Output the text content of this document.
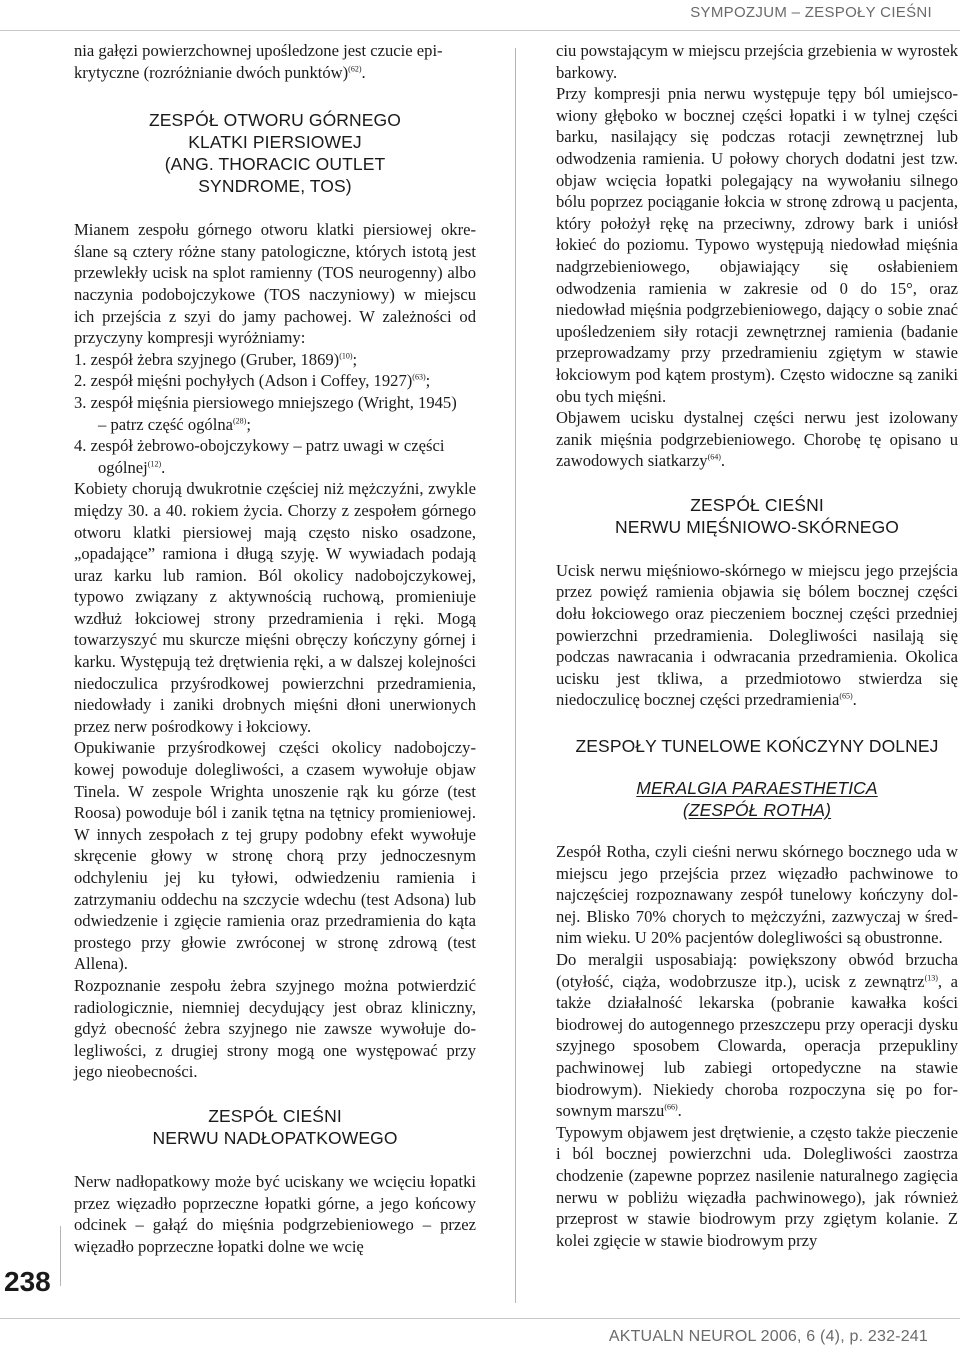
SYMPOZJUM – ZESPOŁY CIEŚNI

nia gałęzi powierzchownej upośledzone jest czucie epi-
krytyczne (rozróżnianie dwóch punktów)$^{(62)}$.

ZESPÓŁ OTWORU GÓRNEGO
KLATKI PIERSIOWEJ
(ANG. THORACIC OUTLET
SYNDROME, TOS)

Mianem zespołu górnego otworu klatki piersiowej określane są cztery różne stany patologiczne, których istotą jest przewlekły ucisk na splot ramienny (TOS neurogenny) albo naczynia podobojczykowe (TOS naczyniowy) w miejscu ich przejścia z szyi do jamy pachowej. W zależności od przyczyny kompresji wyróżniamy:

1. zespół żebra szyjnego (Gruber, 1869)$^{(10)}$;

2. zespół mięśni pochyłych (Adson i Coffey, 1927)$^{(63)}$;

3. zespół mięśnia piersiowego mniejszego (Wright, 1945)

– patrz część ogólna$^{(28)}$;

4. zespół żebrowo-obojczykowy – patrz uwagi w części

ogólnej$^{(12)}$.

Kobiety chorują dwukrotnie częściej niż mężczyźni, zwykle między 30. a 40. rokiem życia. Chorzy z zespołem górnego otworu klatki piersiowej mają często nisko osadzone, „opadające” ramiona i długą szyję. W wywiadach podają uraz karku lub ramion. Ból okolicy nadobojczykowej, typowo związany z aktywnością ruchową, promieniuje wzdłuż łokciowej strony przedramienia i ręki. Mogą towarzyszyć mu skurcze mięśni obręczy kończyny górnej i karku. Występują też drętwienia ręki, a w dalszej kolejności niedoczulica przyśrodkowej powierzchni przedramienia, niedowłady i zaniki drobnych mięśni dłoni unerwionych przez nerw pośrodkowy i łokciowy.

Opukiwanie przyśrodkowej części okolicy nadobojczykowej powoduje dolegliwości, a czasem wywołuje objaw Tinela. W zespole Wrighta unoszenie rąk ku górze (test Roosa) powoduje ból i zanik tętna na tętnicy promieniowej. W innych zespołach z tej grupy podobny efekt wywołuje skręcenie głowy w stronę chorą przy jednoczesnym odchyleniu jej ku tyłowi, odwiedzeniu ramienia i zatrzymaniu oddechu na szczycie wdechu (test Adsona) lub odwiedzenie i zgięcie ramienia oraz przedramienia do kąta prostego przy głowie zwróconej w stronę zdrową (test Allena).

Rozpoznanie zespołu żebra szyjnego można potwierdzić radiologicznie, niemniej decydujący jest obraz kliniczny, gdyż obecność żebra szyjnego nie zawsze wywołuje dolegliwości, z drugiej strony mogą one występować przy jego nieobecności.

ZESPÓŁ CIEŚNI
NERWU NADŁOPATKOWEGO

Nerw nadłopatkowy może być uciskany we wcięciu łopatki przez więzadło poprzeczne łopatki górne, a jego końcowy odcinek – gałąź do mięśnia podgrzebieniowego – przez więzadło poprzeczne łopatki dolne we wcię

ciu powstającym w miejscu przejścia grzebienia w wyrostek barkowy.

Przy kompresji pnia nerwu występuje tępy ból umiejscowiony głęboko w bocznej części łopatki i w tylnej części barku, nasilający się podczas rotacji zewnętrznej lub odwodzenia ramienia. U połowy chorych dodatni jest tzw. objaw wcięcia łopatki polegający na wywołaniu silnego bólu poprzez pociąganie łokcia w stronę zdrową u pacjenta, który położył rękę na przeciwny, zdrowy bark i uniósł łokieć do poziomu. Typowo występują niedowład mięśnia nadgrzebieniowego, objawiający się osłabieniem odwodzenia ramienia w zakresie od 0 do 15°, oraz niedowład mięśnia podgrzebieniowego, dający o sobie znać upośledzeniem siły rotacji zewnętrznej ramienia (badanie przeprowadzamy przy przedramieniu zgiętym w stawie łokciowym pod kątem prostym). Często widoczne są zaniki obu tych mięśni.

Objawem ucisku dystalnej części nerwu jest izolowany zanik mięśnia podgrzebieniowego. Chorobę tę opisano u zawodowych siatkarzy$^{(64)}$.

ZESPÓŁ CIEŚNI
NERWU MIĘŚNIOWO-SKÓRNEGO

Ucisk nerwu mięśniowo-skórnego w miejscu jego przejścia przez powięź ramienia objawia się bólem bocznej części dołu łokciowego oraz pieczeniem bocznej części przedniej powierzchni przedramienia. Dolegliwości nasilają się podczas nawracania i odwracania przedramienia. Okolica ucisku jest tkliwa, a przedmiotowo stwierdza się niedoczulicę bocznej części przedramienia$^{(65)}$.

ZESPOŁY TUNELOWE KOŃCZYNY DOLNEJ
MERALGIA PARAESTHETICA
(ZESPÓŁ ROTHA)

Zespół Rotha, czyli cieśni nerwu skórnego bocznego uda w miejscu jego przejścia przez więzadło pachwinowe to najczęściej rozpoznawany zespół tunelowy kończyny dolnej. Blisko 70% chorych to mężczyźni, zazwyczaj w średnim wieku. U 20% pacjentów dolegliwości są obustronne.

Do meralgii usposabiają: powiększony obwód brzucha (otyłość, ciąża, wodobrzusze itp.), ucisk z zewnątrz$^{(13)}$, a także działalność lekarska (pobranie kawałka kości biodrowej do autogennego przeszczepu przy operacji dysku szyjnego sposobem Clowarda, operacja przepukliny pachwinowej lub zabiegi ortopedyczne na stawie biodrowym). Niekiedy choroba rozpoczyna się po forsownym marszu$^{(66)}$.

Typowym objawem jest drętwienie, a często także pieczenie i ból bocznej powierzchni uda. Dolegliwości zaostrza chodzenie (zapewne poprzez nasilenie naturalnego zagięcia nerwu w pobliżu więzadła pachwinowego), jak również przeprost w stawie biodrowym przy zgiętym kolanie. Z kolei zgięcie w stawie biodrowym przy

238
AKTUALN NEUROL 2006, 6 (4), p. 232-241
